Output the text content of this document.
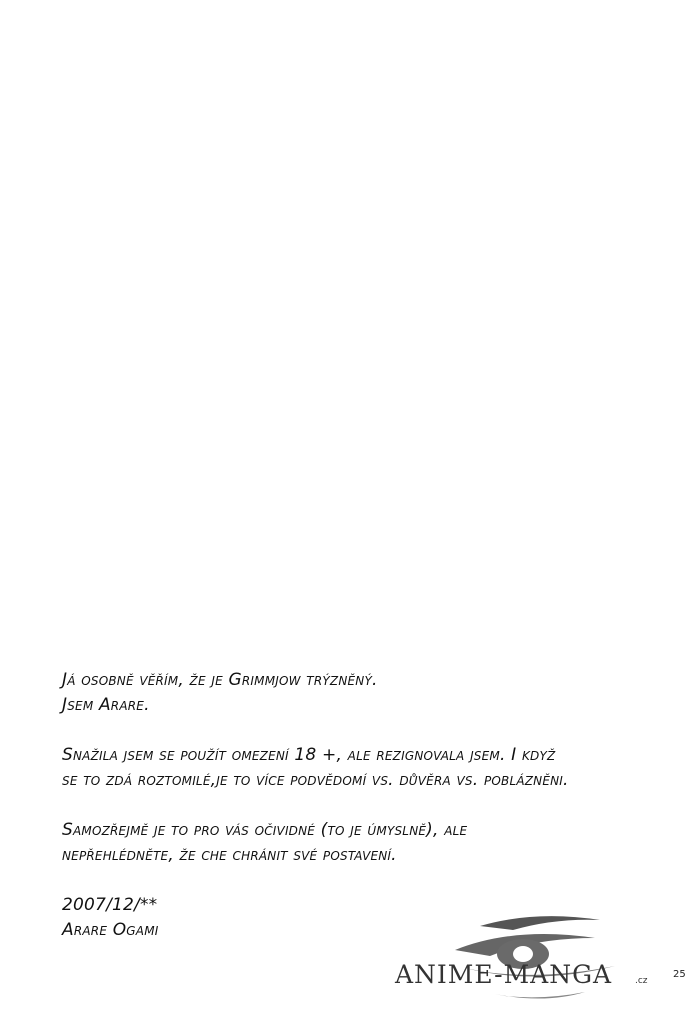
Já osobně věřím, že je Grimmjow trýzněný.

Jsem Arare.

Snažila jsem se použít omezení 18 +, ale rezignovala jsem. I když

se to zdá roztomilé,je to více podvědomí vs. důvěra vs. poblázněni.

Samozřejmě je to pro vás očividné (to je úmyslně), ale

nepřehlédněte, že che chránit své postavení.

2007/12/**

Arare Ogami

ANIME-MANGA	.cz
25
